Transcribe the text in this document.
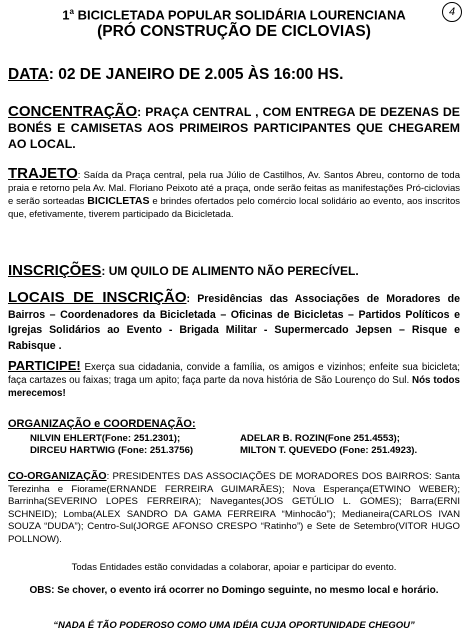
4
1$^a$ BICICLETADA POPULAR SOLIDÁRIA LOURENCIANA
(PRÓ CONSTRUÇÃO DE CICLOVIAS)
DATA: 02 DE JANEIRO DE 2.005 ÀS 16:00 HS.
CONCENTRAÇÃO: PRAÇA CENTRAL , COM ENTREGA DE DEZENAS DE BONÉS E CAMISETAS AOS PRIMEIROS PARTICIPANTES QUE CHEGAREM AO LOCAL.
TRAJETO: Saída da Praça central, pela rua Júlio de Castilhos, Av. Santos Abreu, contorno de toda praia e retorno pela Av. Mal. Floriano Peixoto até a praça, onde serão feitas as manifestações Pró-ciclovias e serão sorteadas BICICLETAS e brindes ofertados pelo comércio local solidário ao evento, aos inscritos que, efetivamente, tiverem participado da Bicicletada.
INSCRIÇÕES: UM QUILO DE ALIMENTO NÃO PERECÍVEL.
LOCAIS DE INSCRIÇÃO: Presidências das Associações de Moradores de Bairros – Coordenadores da Bicicletada – Oficinas de Bicicletas – Partidos Políticos e Igrejas Solidários ao Evento - Brigada Militar - Supermercado Jepsen – Risque e Rabisque .
PARTICIPE! Exerça sua cidadania, convide a família, os amigos e vizinhos; enfeite sua bicicleta; faça cartazes ou faixas; traga um apito; faça parte da nova história de São Lourenço do Sul. Nós todos merecemos!
ORGANIZAÇÃO e COORDENAÇÃO:
NILVIN EHLERT(Fone: 251.2301);	ADELAR B. ROZIN(Fone 251.4553);
DIRCEU HARTWIG (Fone: 251.3756)	MILTON T. QUEVEDO (Fone: 251.4923).
CO-ORGANIZAÇÃO: PRESIDENTES DAS ASSOCIAÇÕES DE MORADORES DOS BAIRROS: Santa Terezinha e Fiorame(ERNANDE FERREIRA GUIMARÃES); Nova Esperança(ETWINO WEBER); Barrinha(SEVERINO LOPES FERREIRA); Navegantes(JOS GETÚLIO L. GOMES); Barra(ERNI SCHNEID); Lomba(ALEX SANDRO DA GAMA FERREIRA “Minhocão”); Medianeira(CARLOS IVAN SOUZA “DUDA”); Centro-Sul(JORGE AFONSO CRESPO “Ratinho”) e Sete de Setembro(VITOR HUGO POLLNOW).
Todas Entidades estão convidadas a colaborar, apoiar e participar do evento.
OBS: Se chover, o evento irá ocorrer no Domingo seguinte, no mesmo local e horário.
“NADA É TÃO PODEROSO COMO UMA IDÉIA CUJA OPORTUNIDADE CHEGOU”
